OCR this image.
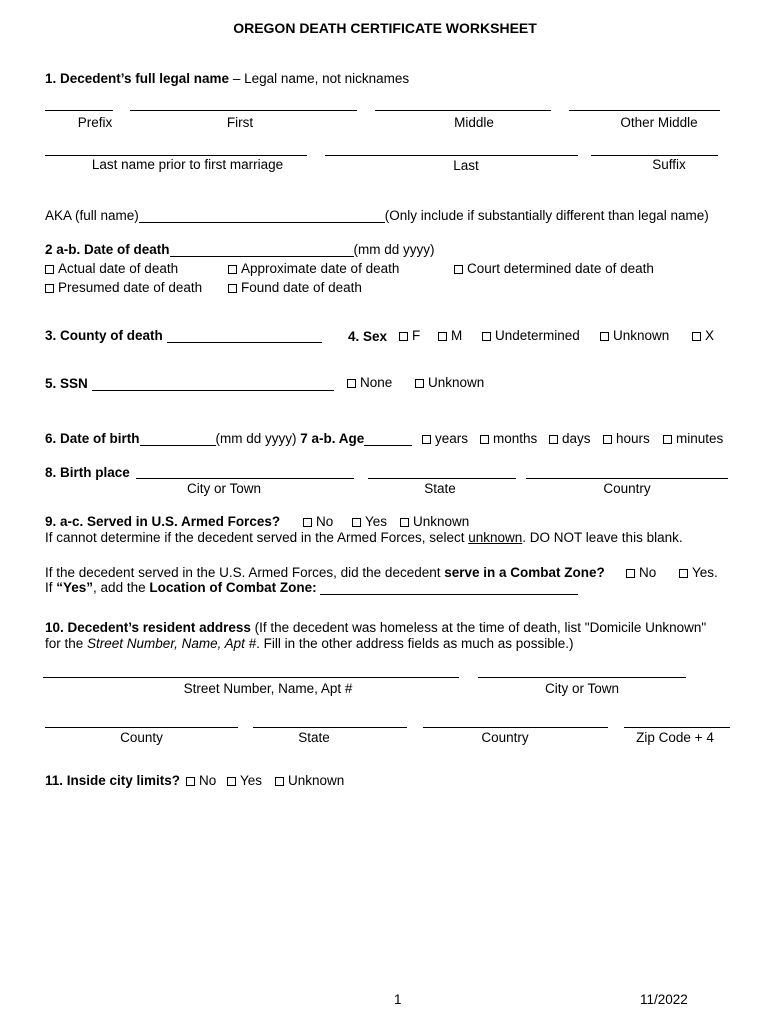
OREGON DEATH CERTIFICATE WORKSHEET
1. Decedent’s full legal name – Legal name, not nicknames
Prefix	First	Middle	Other Middle
Last name prior to first marriage	Last	Suffix
AKA (full name)	(Only include if substantially different than legal name)
2 a-b. Date of death	(mm dd yyyy)
Actual date of death	Approximate date of death	Court determined date of death
Presumed date of death	Found date of death
3. County of death	4. Sex	F	M	Undetermined	Unknown	X
5. SSN	None	Unknown
6. Date of birth	(mm dd yyyy) 7 a-b. Age	years	months	days	hours	minutes
8. Birth place
City or Town	State	Country
9. a-c. Served in U.S. Armed Forces?	No	Yes	Unknown
If cannot determine if the decedent served in the Armed Forces, select unknown. DO NOT leave this blank.
If the decedent served in the U.S. Armed Forces, did the decedent serve in a Combat Zone?	No	Yes.
If “Yes”, add the Location of Combat Zone:
10. Decedent’s resident address (If the decedent was homeless at the time of death, list "Domicile Unknown"
for the Street Number, Name, Apt #. Fill in the other address fields as much as possible.)
Street Number, Name, Apt #	City or Town
County	State	Country	Zip Code + 4
11. Inside city limits?	No	Yes	Unknown
1	11/2022
